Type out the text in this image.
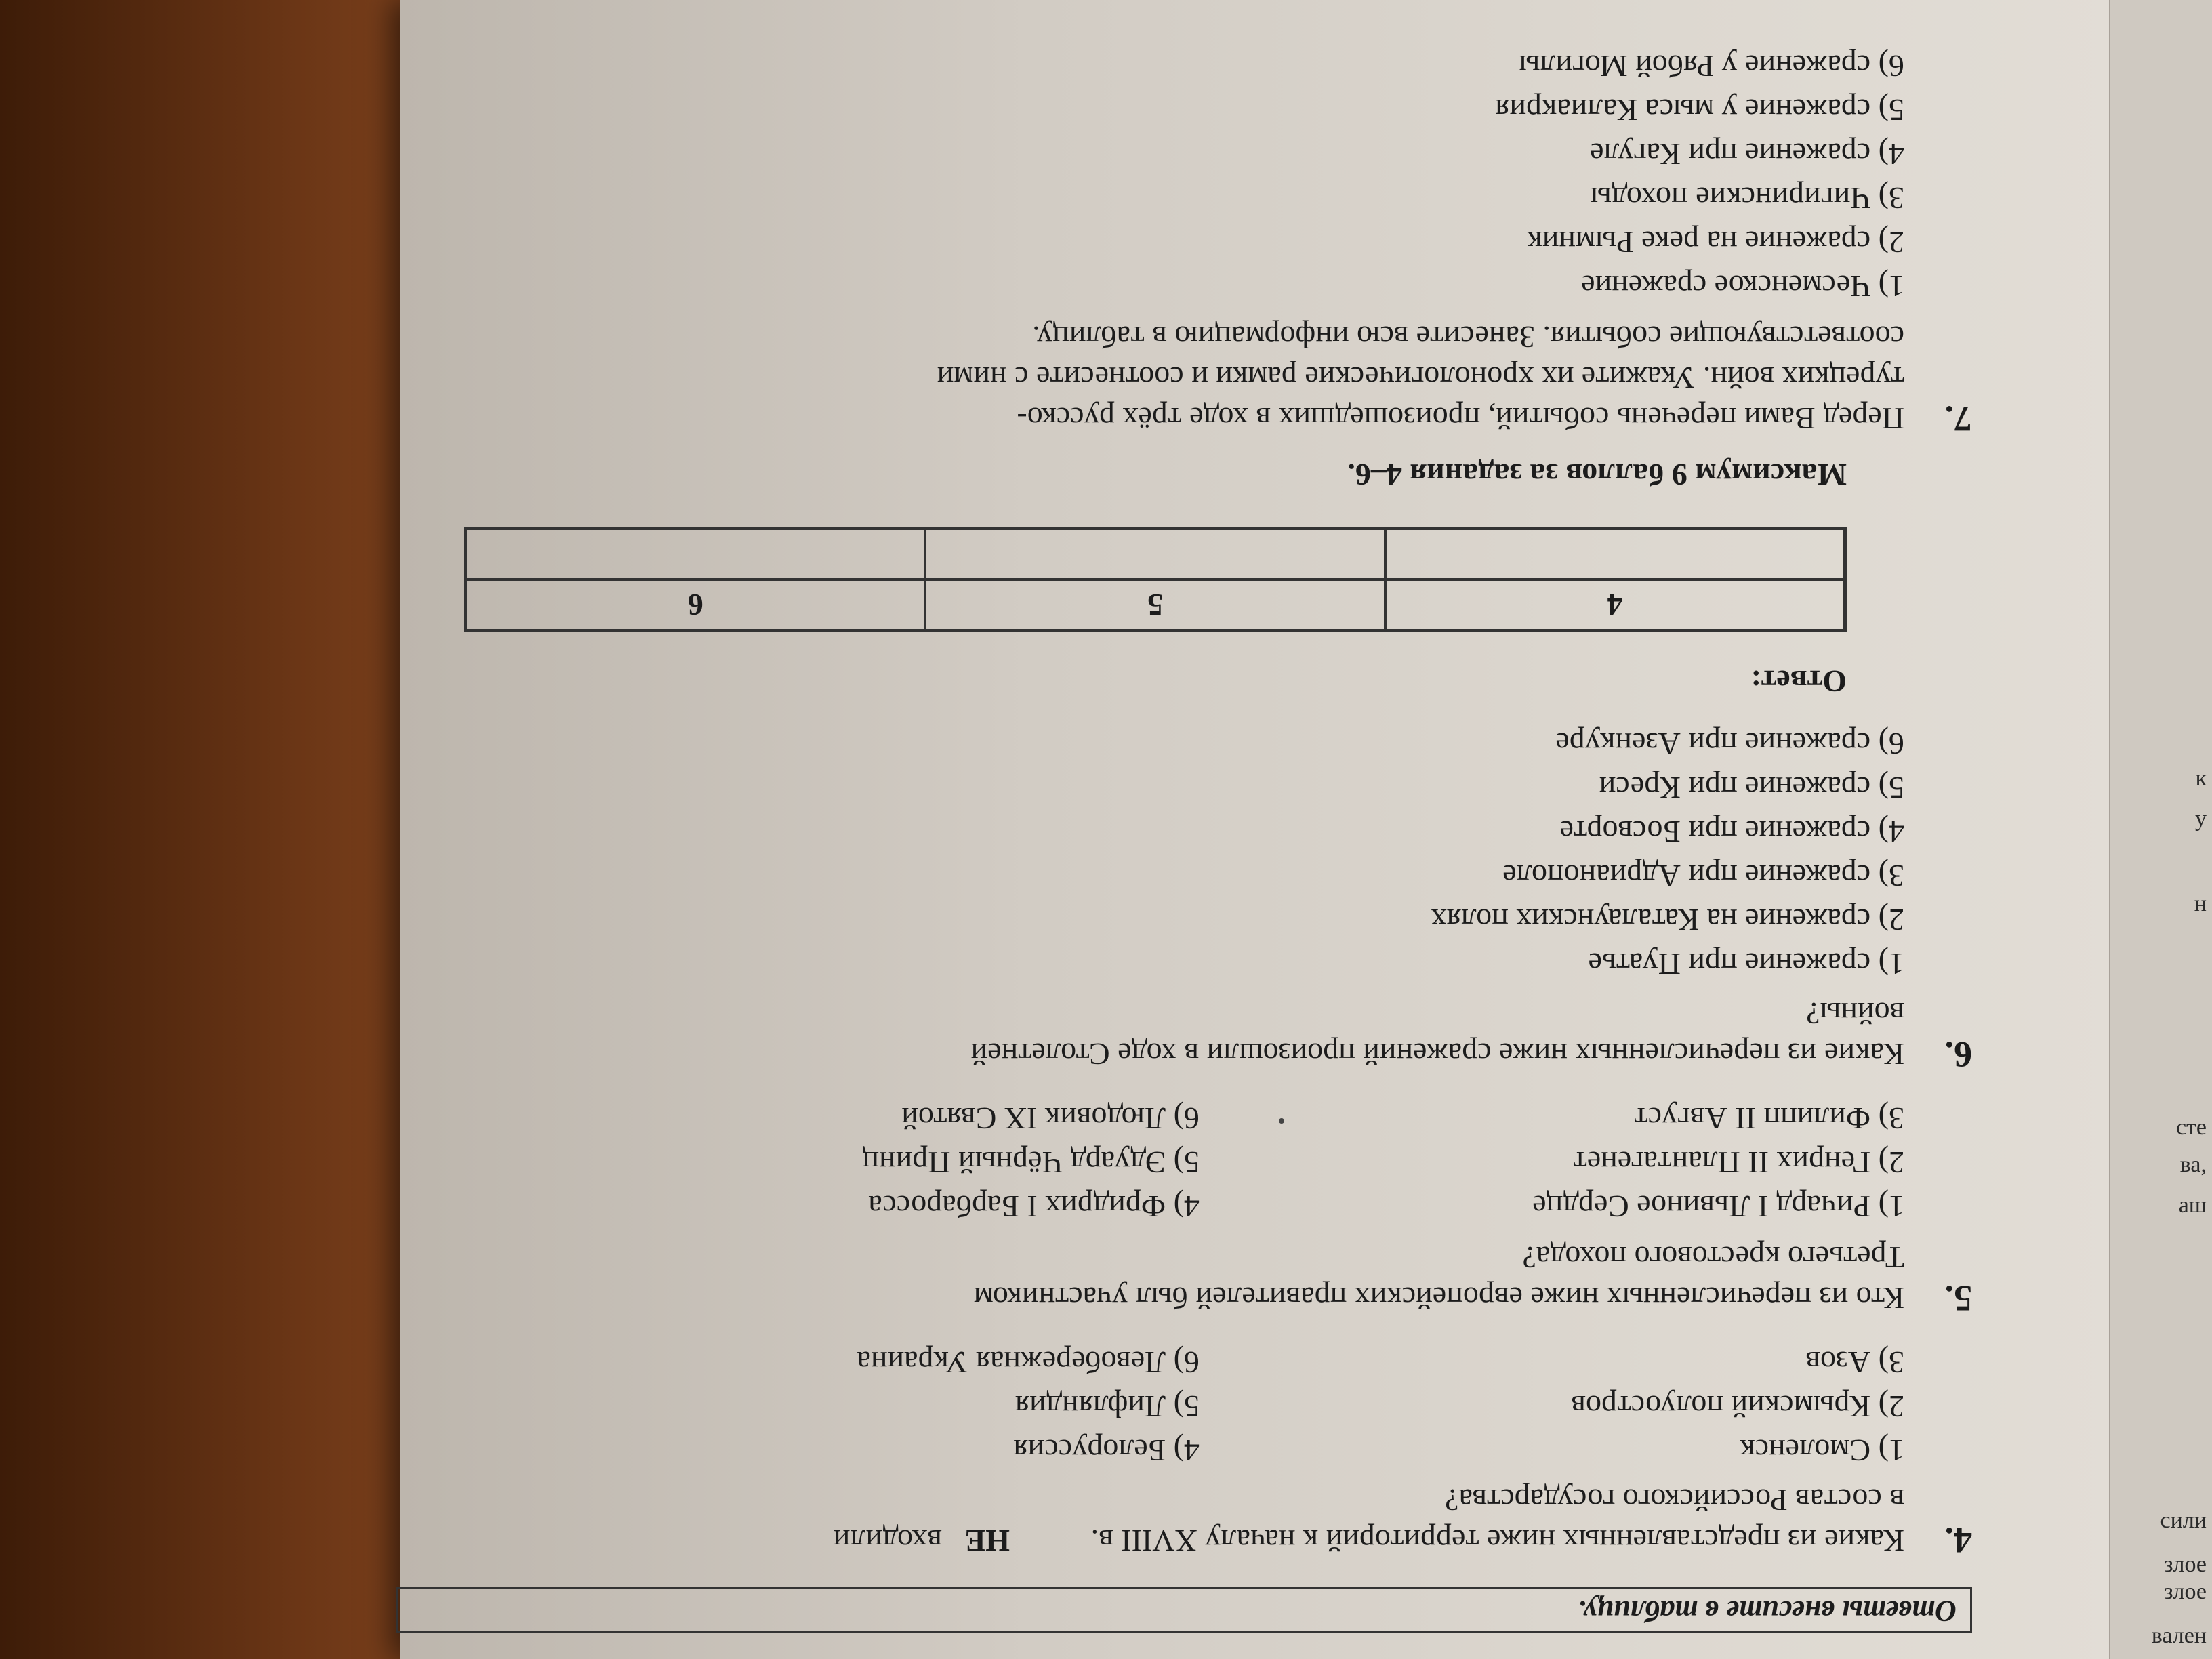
вален
злое
злое
сили
аш
ва,
сте
н
у
к
Ответы внесите в таблицу.
4.
Какие из представленных ниже территорий к началу XVIII в.
НЕ
входили
в состав Российского государства?
1) Смоленск
2) Крымский полуостров
3) Азов
4) Белоруссия
5) Лифляндия
6) Левобережная Украина
5.
Кто из перечисленных ниже европейских правителей был участником
Третьего крестового похода?
1) Ричард I Львиное Сердце
2) Генрих II Плантагенет
3) Филипп II Август
4) Фридрих I Барбаросса
5) Эдуард Чёрный Принц
6) Людовик IX Святой
6.
Какие из перечисленных ниже сражений произошли в ходе Столетней
войны?
1) сражение при Пуатье
2) сражение на Каталаунских полях
3) сражение при Адрианополе
4) сражение при Босворте
5) сражение при Креси
6) сражение при Азенкуре
Ответ:
4
5
6
Максимум 9 баллов за задания 4–6.
7.
Перед Вами перечень событий, произошедших в ходе трёх русско-
турецких войн. Укажите их хронологические рамки и соотнесите с ними
соответствующие события. Занесите всю информацию в таблицу.
1) Чесменское сражение
2) сражение на реке Рымник
3) Чигиринские походы
4) сражение при Кагуле
5) сражение у мыса Калиакрия
6) сражение у Рябой Могилы
